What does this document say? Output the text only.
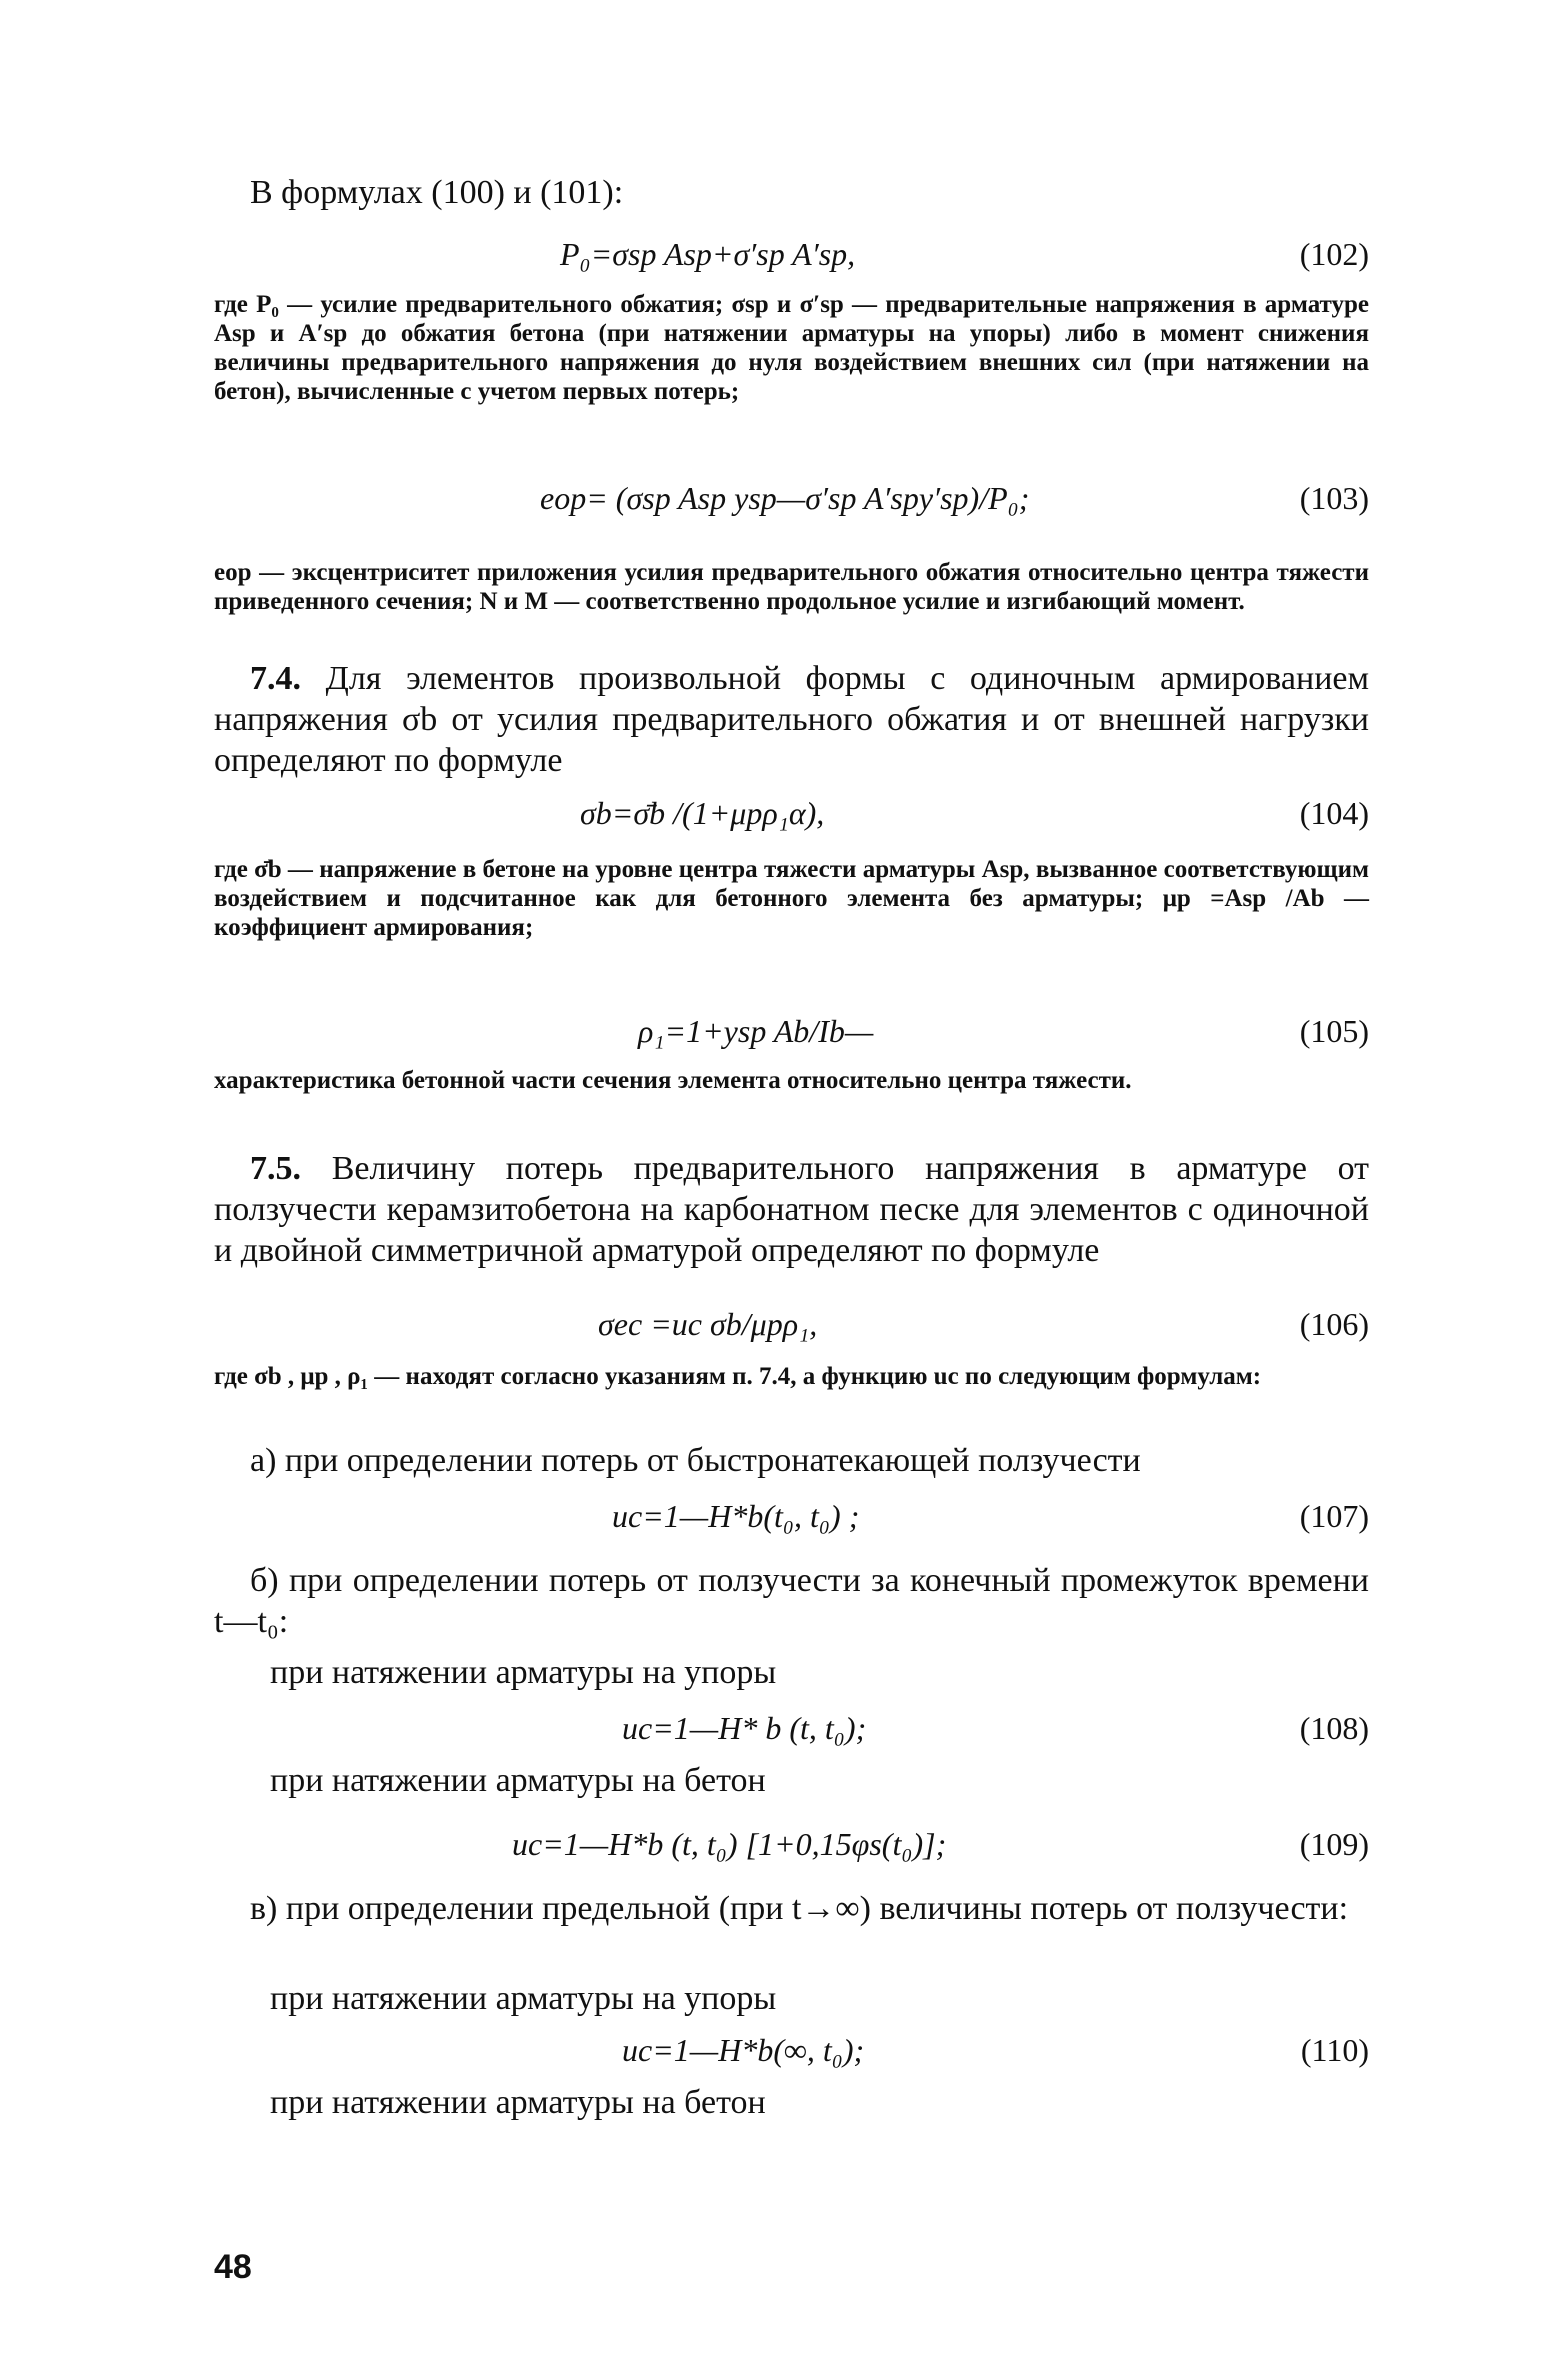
В формулах (100) и (101):

P₀=σsp Asp+σ′sp A′sp,	(102)

где P₀ — усилие предварительного обжатия; σsp и σ′sp — предварительные напряжения в арматуре Asp и A′sp до обжатия бетона (при натяжении арматуры на упоры) либо в момент снижения величины предварительного напряжения до нуля воздействием внешних сил (при натяжении на бетон), вычисленные с учетом первых потерь;

eop= (σsp Asp ysp—σ′sp A′spy′sp)/P₀;	(103)

eop — эксцентриситет приложения усилия предварительного обжатия относительно центра тяжести приведенного сечения; N и M — соответственно продольное усилие и изгибающий момент.

7.4. Для элементов произвольной формы с одиночным армированием напряжения σb от усилия предварительного обжатия и от внешней нагрузки определяют по формуле

σb=σ̄b /(1+μpρ₁α),	(104)

где σ̄b — напряжение в бетоне на уровне центра тяжести арматуры Asp, вызванное соответствующим воздействием и подсчитанное как для бетонного элемента без арматуры; μp =Asp /Ab — коэффициент армирования;

ρ₁=1+ysp Ab/Ib—	(105)

характеристика бетонной части сечения элемента относительно центра тяжести.

7.5. Величину потерь предварительного напряжения в арматуре от ползучести керамзитобетона на карбонатном песке для элементов с одиночной и двойной симметричной арматурой определяют по формуле

σec =uc σb/μpρ₁,	(106)

где σb , μp , ρ₁ — находят согласно указаниям п. 7.4, а функцию uc по следующим формулам:

а) при определении потерь от быстронатекающей ползучести

uc=1—H*b(t₀, t₀) ;	(107)

б) при определении потерь от ползучести за конечный промежуток времени t—t₀:

при натяжении арматуры на упоры

uc=1—H* b (t, t₀);	(108)

при натяжении арматуры на бетон

uc=1—H*b (t, t₀) [1+0,15φs(t₀)];	(109)

в) при определении предельной (при t→∞) величины потерь от ползучести:

при натяжении арматуры на упоры

uc=1—H*b(∞, t₀);	(110)

при натяжении арматуры на бетон

48
